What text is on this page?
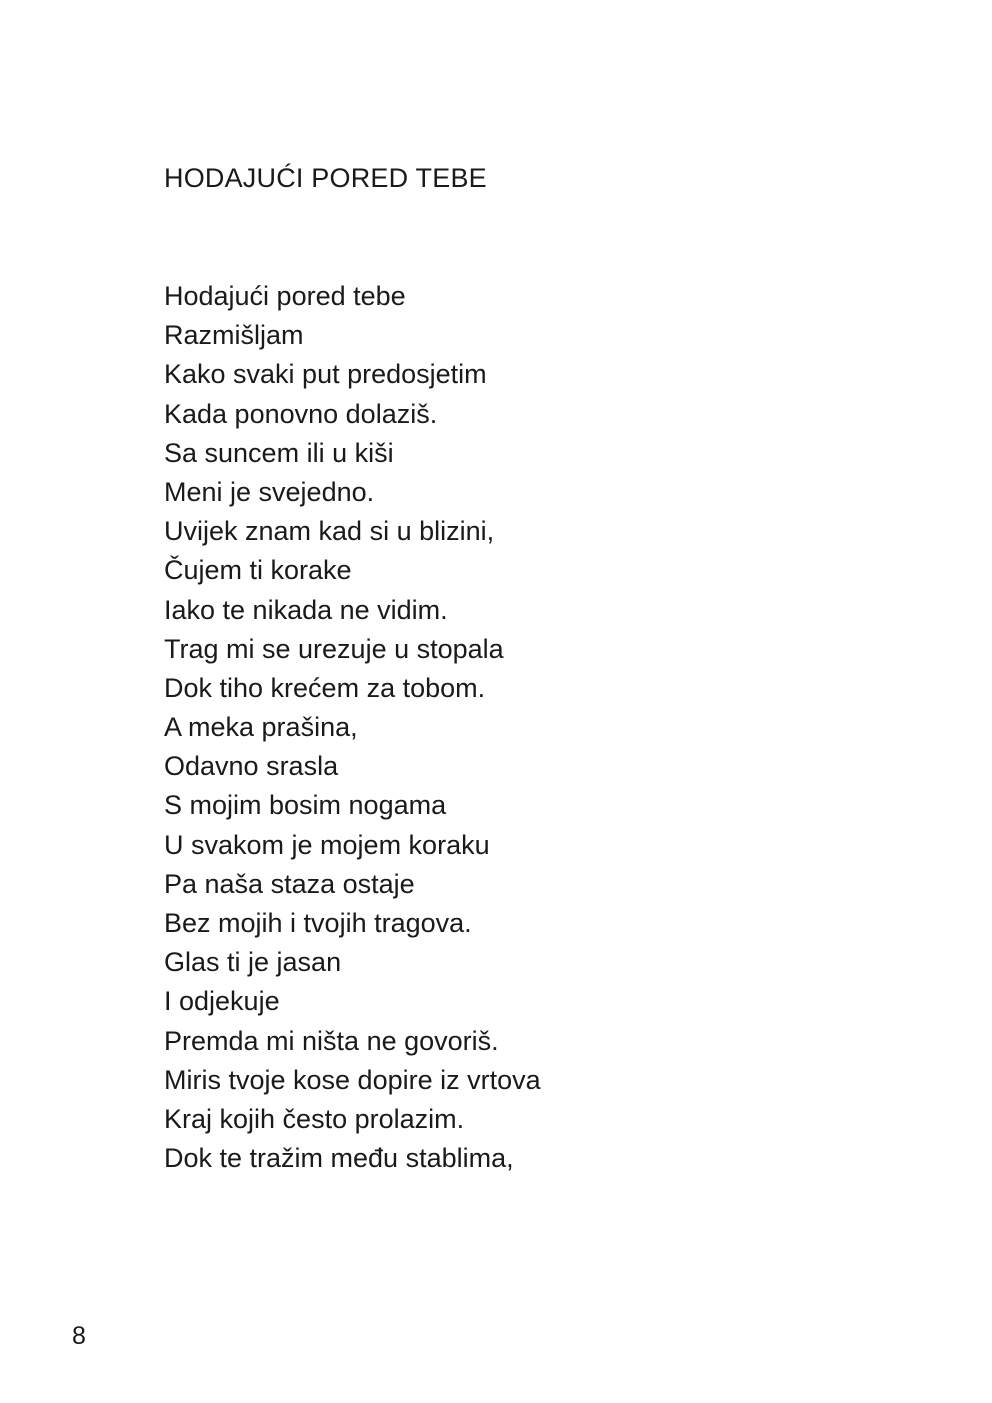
HODAJUĆI PORED TEBE
Hodajući pored tebe
Razmišljam
Kako svaki put predosjetim
Kada ponovno dolaziš.
Sa suncem ili u kiši
Meni je svejedno.
Uvijek znam kad si u blizini,
Čujem ti korake
Iako te nikada ne vidim.
Trag mi se urezuje u stopala
Dok tiho krećem za tobom.
A meka prašina,
Odavno srasla
S mojim bosim nogama
U svakom je mojem koraku
Pa naša staza ostaje
Bez mojih i tvojih tragova.
Glas ti je jasan
I odjekuje
Premda mi ništa ne govoriš.
Miris tvoje kose dopire iz vrtova
Kraj kojih često prolazim.
Dok te tražim među stablima,
8
